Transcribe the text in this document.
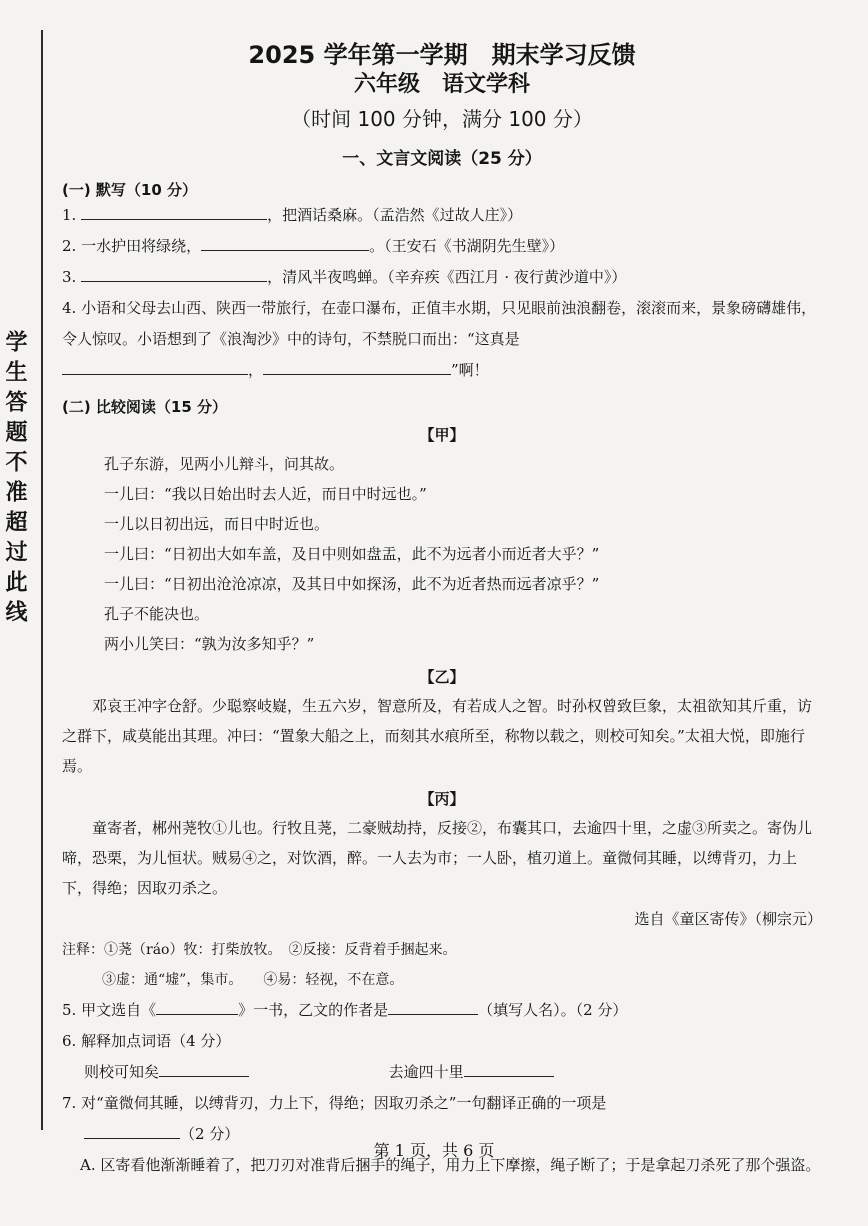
学生答题不准超过此线
2025 学年第一学期　期末学习反馈
六年级　语文学科
（时间 100 分钟，满分 100 分）
一、文言文阅读（25 分）
(一) 默写（10 分）

1.	，把酒话桑麻。（孟浩然《过故人庄》）

2. 一水护田将绿绕，	。（王安石《书湖阴先生壁》）

3.	，清风半夜鸣蝉。（辛弃疾《西江月 · 夜行黄沙道中》）

4. 小语和父母去山西、陕西一带旅行，在壶口瀑布，正值丰水期，只见眼前浊浪翻卷，滚滚而来，景象磅礴雄伟，令人惊叹。小语想到了《浪淘沙》中的诗句，不禁脱口而出：“这真是
，	”啊！

(二) 比较阅读（15 分）
【甲】

孔子东游，见两小儿辩斗，问其故。

一儿曰：“我以日始出时去人近，而日中时远也。”

一儿以日初出远，而日中时近也。

一儿曰：“日初出大如车盖，及日中则如盘盂，此不为远者小而近者大乎？”

一儿曰：“日初出沧沧凉凉，及其日中如探汤，此不为近者热而远者凉乎？”

孔子不能决也。

两小儿笑曰：“孰为汝多知乎？”

【乙】

邓哀王冲字仓舒。少聪察岐嶷，生五六岁，智意所及，有若成人之智。时孙权曾致巨象，太祖欲知其斤重，访之群下，咸莫能出其理。冲曰：“置象大船之上，而刻其水痕所至，称物以载之，则校可知矣。”太祖大悦，即施行焉。

【丙】

童寄者，郴州荛牧①儿也。行牧且荛，二豪贼劫持，反接②，布囊其口，去逾四十里，之虚③所卖之。寄伪儿啼，恐栗，为儿恒状。贼易④之，对饮酒，醉。一人去为市；一人卧，植刃道上。童微伺其睡，以缚背刃，力上下，得绝；因取刃杀之。

选自《童区寄传》（柳宗元）

注释：①荛（ráo）牧：打柴放牧。　②反接：反背着手捆起来。

③虚：通“墟”，集市。　　④易：轻视，不在意。

5. 甲文选自《	》一书，乙文的作者是	（填写人名）。（2 分）

6. 解释加点词语（4 分）

则校可知矣	去逾四十里

7. 对“童微伺其睡，以缚背刃，力上下，得绝；因取刃杀之”一句翻译正确的一项是
（2 分）

A. 区寄看他渐渐睡着了，把刀刃对准背后捆手的绳子，用力上下摩擦，绳子断了；于是拿起刀杀死了那个强盗。

第 1 页，共 6 页
